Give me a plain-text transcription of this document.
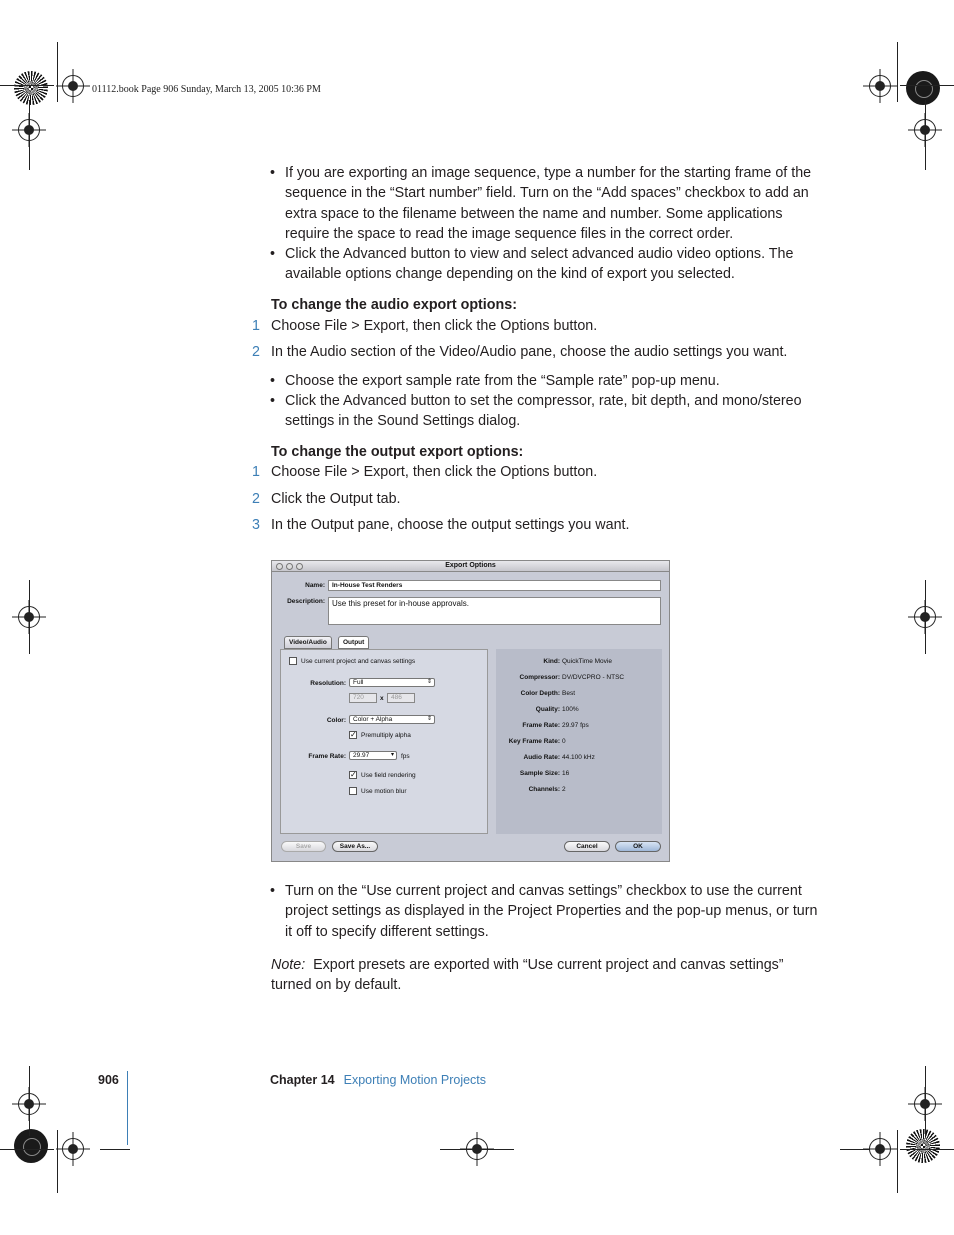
01112.book Page 906 Sunday, March 13, 2005 10:36 PM
• If you are exporting an image sequence, type a number for the starting frame of the sequence in the “Start number” field. Turn on the “Add spaces” checkbox to add an extra space to the filename between the name and number. Some applications require the space to read the image sequence files in the correct order.
• Click the Advanced button to view and select advanced audio video options. The available options change depending on the kind of export you selected.
To change the audio export options:
1 Choose File > Export, then click the Options button.
2 In the Audio section of the Video/Audio pane, choose the audio settings you want.
• Choose the export sample rate from the “Sample rate” pop-up menu.
• Click the Advanced button to set the compressor, rate, bit depth, and mono/stereo settings in the Sound Settings dialog.
To change the output export options:
1 Choose File > Export, then click the Options button.
2 Click the Output tab.
3 In the Output pane, choose the output settings you want.
Export Options
Name:	In-House Test Renders
Description: Use this preset for in-house approvals.
Video/Audio	Output
Use current project and canvas settings
Resolution:	Full	⇕
720	x	486
Color:	Color + Alpha	⇕
✓ Premultiply alpha
Frame Rate:	29.97	▾ fps
✓ Use field rendering
Use motion blur
Kind: QuickTime Movie
Compressor: DV/DVCPRO - NTSC
Color Depth: Best
Quality: 100%
Frame Rate: 29.97 fps
Key Frame Rate: 0
Audio Rate: 44.100 kHz
Sample Size: 16
Channels: 2
Save	Save As...	Cancel	OK
• Turn on the “Use current project and canvas settings” checkbox to use the current project settings as displayed in the Project Properties and the pop-up menus, or turn it off to specify different settings.
Note: Export presets are exported with “Use current project and canvas settings” turned on by default.
906	Chapter 14 Exporting Motion Projects
